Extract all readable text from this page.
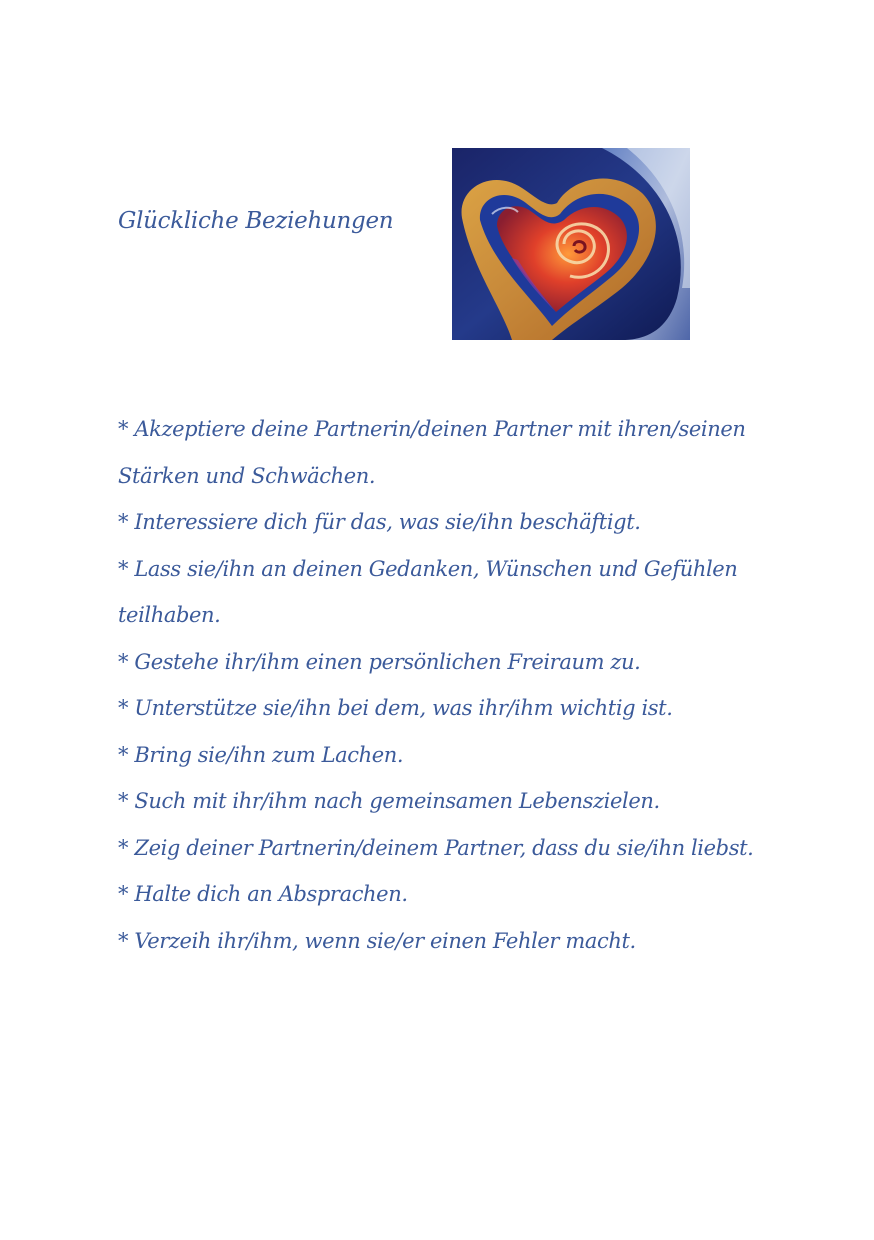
Glückliche Beziehungen
* Akzeptiere deine Partnerin/deinen Partner mit ihren/seinen Stärken und Schwächen.
* Interessiere dich für das, was sie/ihn beschäftigt.
* Lass sie/ihn an deinen Gedanken, Wünschen und Gefühlen teilhaben.
* Gestehe ihr/ihm einen persönlichen Freiraum zu.
* Unterstütze sie/ihn bei dem, was ihr/ihm wichtig ist.
* Bring sie/ihn zum Lachen.
* Such mit ihr/ihm nach gemeinsamen Lebenszielen.
* Zeig deiner Partnerin/deinem Partner, dass du sie/ihn liebst.
* Halte dich an Absprachen.
* Verzeih ihr/ihm, wenn sie/er einen Fehler macht.
